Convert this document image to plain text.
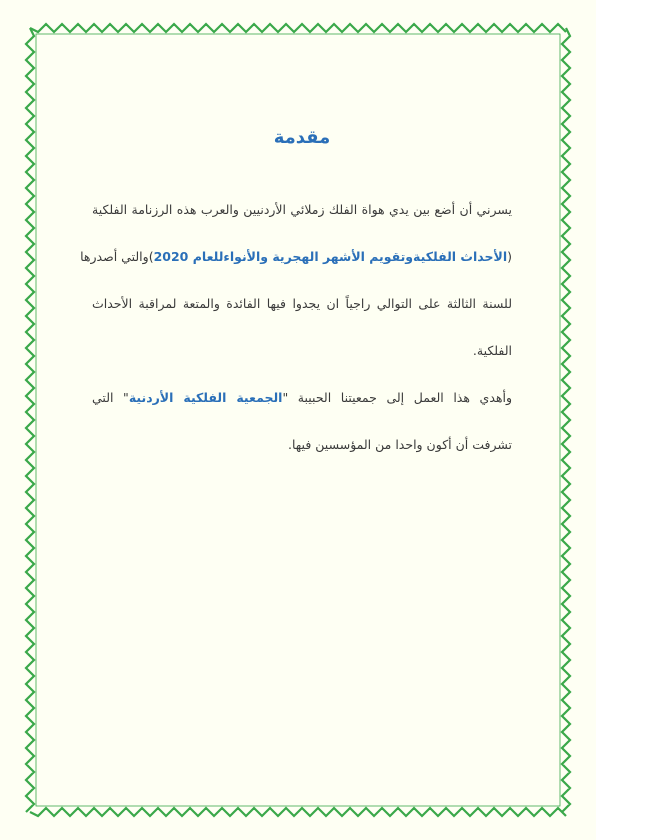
مقدمة

يسرني أن أضع بين يدي هواة الفلك زملائي الأردنيين والعرب هذه الرزنامة الفلكية

(الأحداث الفلكيةوتقويم الأشهر الهجرية والأنواءللعام 2020)والتي أصدرها

للسنة الثالثة على التوالي راجياً ان يجدوا فيها الفائدة والمتعة لمراقبة الأحداث

الفلكية.

وأهدي هذا العمل إلى جمعيتنا الحبيبة "الجمعية الفلكية الأردنية" التي

تشرفت أن أكون واحدا من المؤسسين فيها.
